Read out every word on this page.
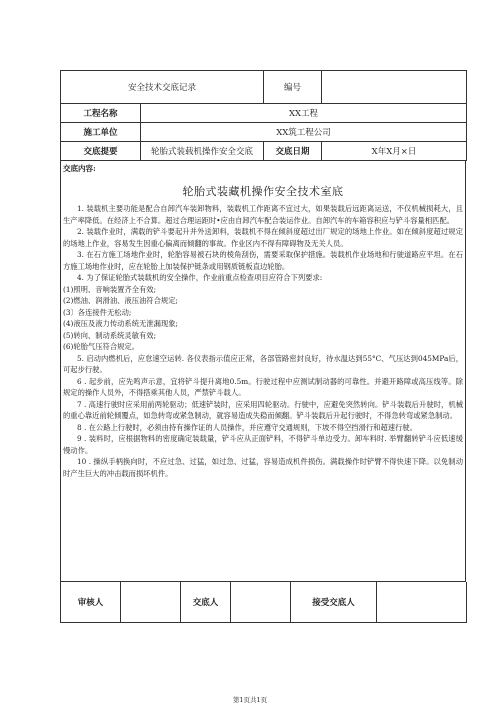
安全技术交底记录		编号	
工程名称	XX工程		
施工单位	XX筑工程公司		
交底提要	轮胎式装载机操作安全交底	交底日期	X年X月×日
交底内容:
轮胎式装藏机操作安全技术室底

1. 装载机主要功能是配合自卸汽车装卸物料，装载机工作距离不宜过大，如果装载后远距离运送，不仅机械损耗大，且生产率降低。在经济上不合算。超过合理运距时•应由自卸汽车配合装运作业。自卸汽车的车箱容积应与铲斗容量相匹配。

2. 装载作业时，满载的铲斗要起升并外送卸料，装载机不得在倾斜度超过出厂规定的场地上作业。如在倾斜度超过规定的场地上作业，容易发生因重心偏离而倾翻的事故。作业区内不得有障碍物及无关人员。

3. 在石方施工场地作业时，轮胎容易被石块的棱角刮伤，需要采取保护措施。装载机作业场地和行驶道路应平坦。在石方施工场地作业时，应在轮胎上加装保护链条或用钢质链板直边轮胎。

4. 为了保证轮胎式装载机的安全操作，作业前重点检查项目应符合下列要求:

(1)照明、音响装置齐全有效;

(2)燃油、润滑油、液压油符合规定;

(3〕各连接件无松动;

(4)液压及液力传动系统无泄漏现象;

(5)转向、制动系统灵敏有效;

(6)轮胎气压符合规定。

5. 启动内燃机后，应怠速空运转. 各仪表指示值应正常，各部管路密封良好，待水温达到55°C、气压达到045MPa后，可起步行驶。

6 . 起步前，应先鸣声示意，宜将铲斗提升离地0.5m。行驶过程中应测试制动器的可靠性。并避开路障或高压线等。除规定的操作人员外，不得搭乘其他人员，严禁铲斗载人。

7 . 高速行驶时应采用前两轮驱动；低速铲装时，应采用四轮驱动。行驶中，应避免突然转向。铲斗装载后升驶时，机械的重心靠近前轮倾覆点，如急转弯或紧急制动，就容易造成失稳而倾翻。铲斗装载后升起行驶时，不得急转弯或紧急制动。

8 . 在公路上行驶时，必须由持有操作证的人员操作，并应遵守交通规则，下坡不得空挡滑行和超速行驶。

9 . 装料时，应根据物料的密度确定装载量，铲斗应从正面铲料，不得铲斗单边受力。卸车料时. 举臂翻转铲斗应低速缓慢动作。

10 . 操纵手柄换向时，不应过急、过猛，如过急、过猛，容易造成机件损伤。满载操作时铲臂不得快速下降。以免制动时产生巨大的冲击载而损坏机件。

审核人		交底人		接受交底人	
第1页共1页
